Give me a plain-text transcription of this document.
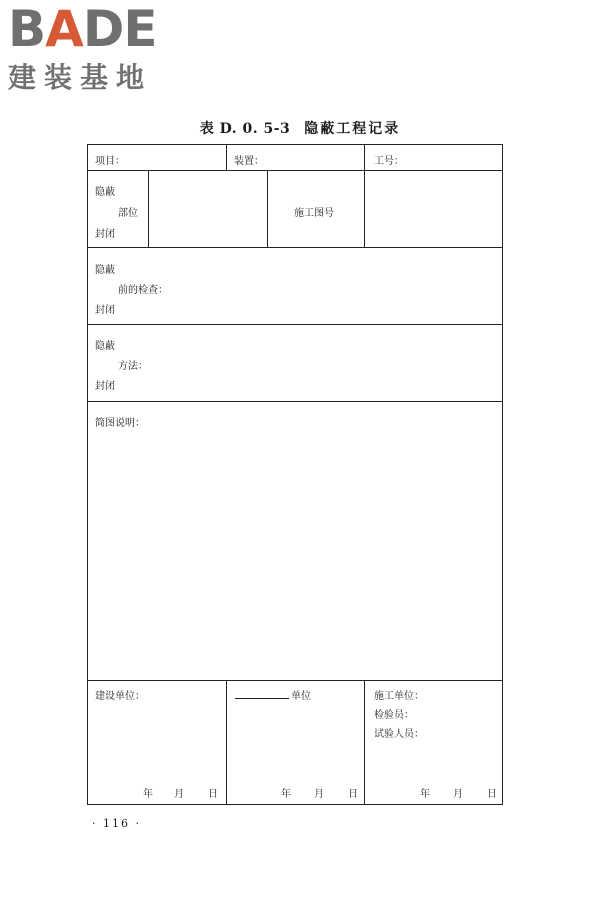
BADE
建装基地
表 D. 0. 5-3 隐蔽工程记录
项目：	装置：	工号：
隐蔽
部位
封闭
施工图号
隐蔽
前的检查：
封闭
隐蔽
方法：
封闭
简图说明：
建设单位：
年 月 日
单位
年 月 日
施工单位：
检验员：
试验人员：
年 月 日
· 116 ·
